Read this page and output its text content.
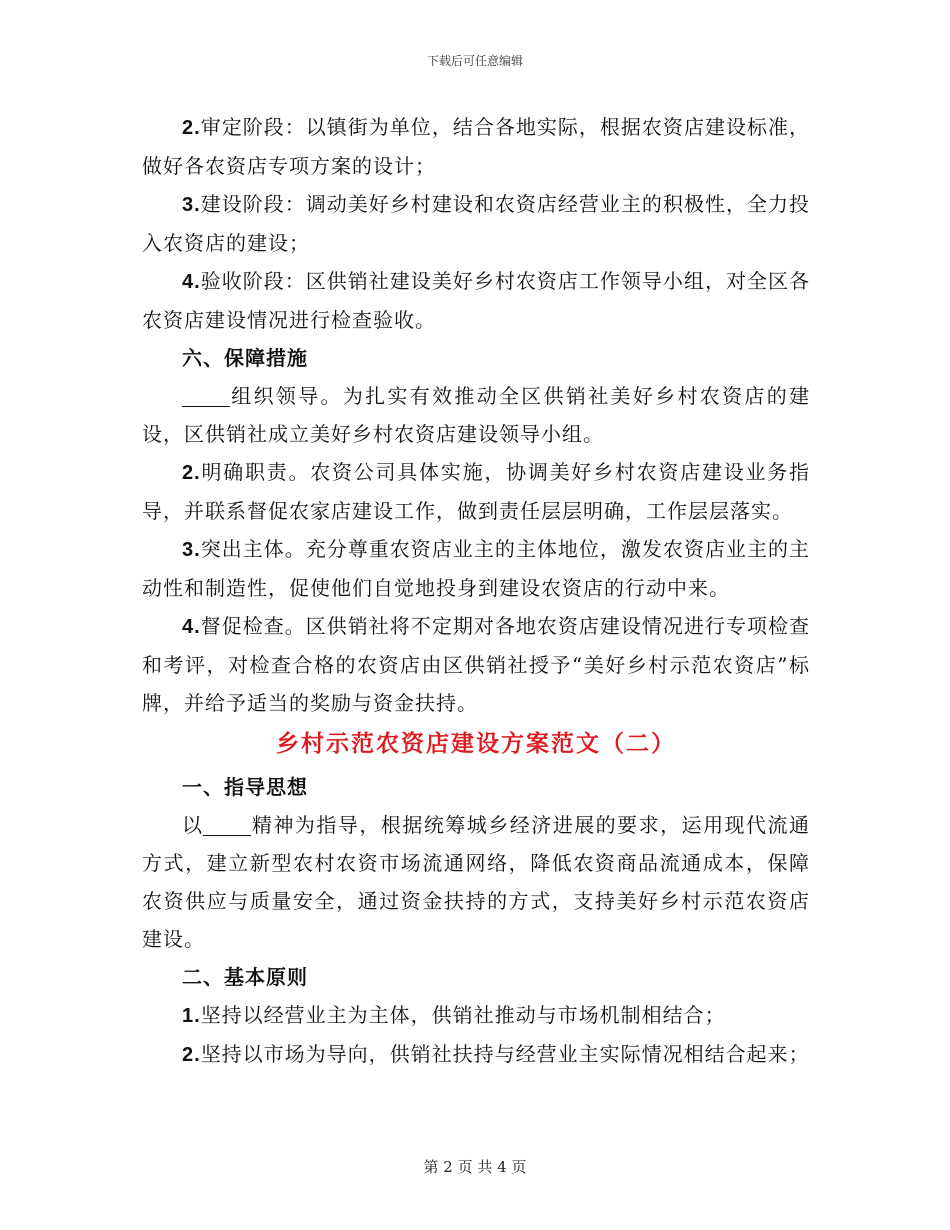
下载后可任意编辑

2.审定阶段：以镇街为单位，结合各地实际，根据农资店建设标准，做好各农资店专项方案的设计；

3.建设阶段：调动美好乡村建设和农资店经营业主的积极性，全力投入农资店的建设；

4.验收阶段：区供销社建设美好乡村农资店工作领导小组，对全区各农资店建设情况进行检查验收。

六、保障措施

组织领导。为扎实有效推动全区供销社美好乡村农资店的建设，区供销社成立美好乡村农资店建设领导小组。

2.明确职责。农资公司具体实施，协调美好乡村农资店建设业务指导，并联系督促农家店建设工作，做到责任层层明确，工作层层落实。

3.突出主体。充分尊重农资店业主的主体地位，激发农资店业主的主动性和制造性，促使他们自觉地投身到建设农资店的行动中来。

4.督促检查。区供销社将不定期对各地农资店建设情况进行专项检查和考评，对检查合格的农资店由区供销社授予“美好乡村示范农资店”标牌，并给予适当的奖励与资金扶持。

乡村示范农资店建设方案范文（二）

一、指导思想

以 精神为指导，根据统筹城乡经济进展的要求，运用现代流通方式，建立新型农村农资市场流通网络，降低农资商品流通成本，保障农资供应与质量安全，通过资金扶持的方式，支持美好乡村示范农资店建设。

二、基本原则

1.坚持以经营业主为主体，供销社推动与市场机制相结合；

2.坚持以市场为导向，供销社扶持与经营业主实际情况相结合起来；

第 2 页 共 4 页
